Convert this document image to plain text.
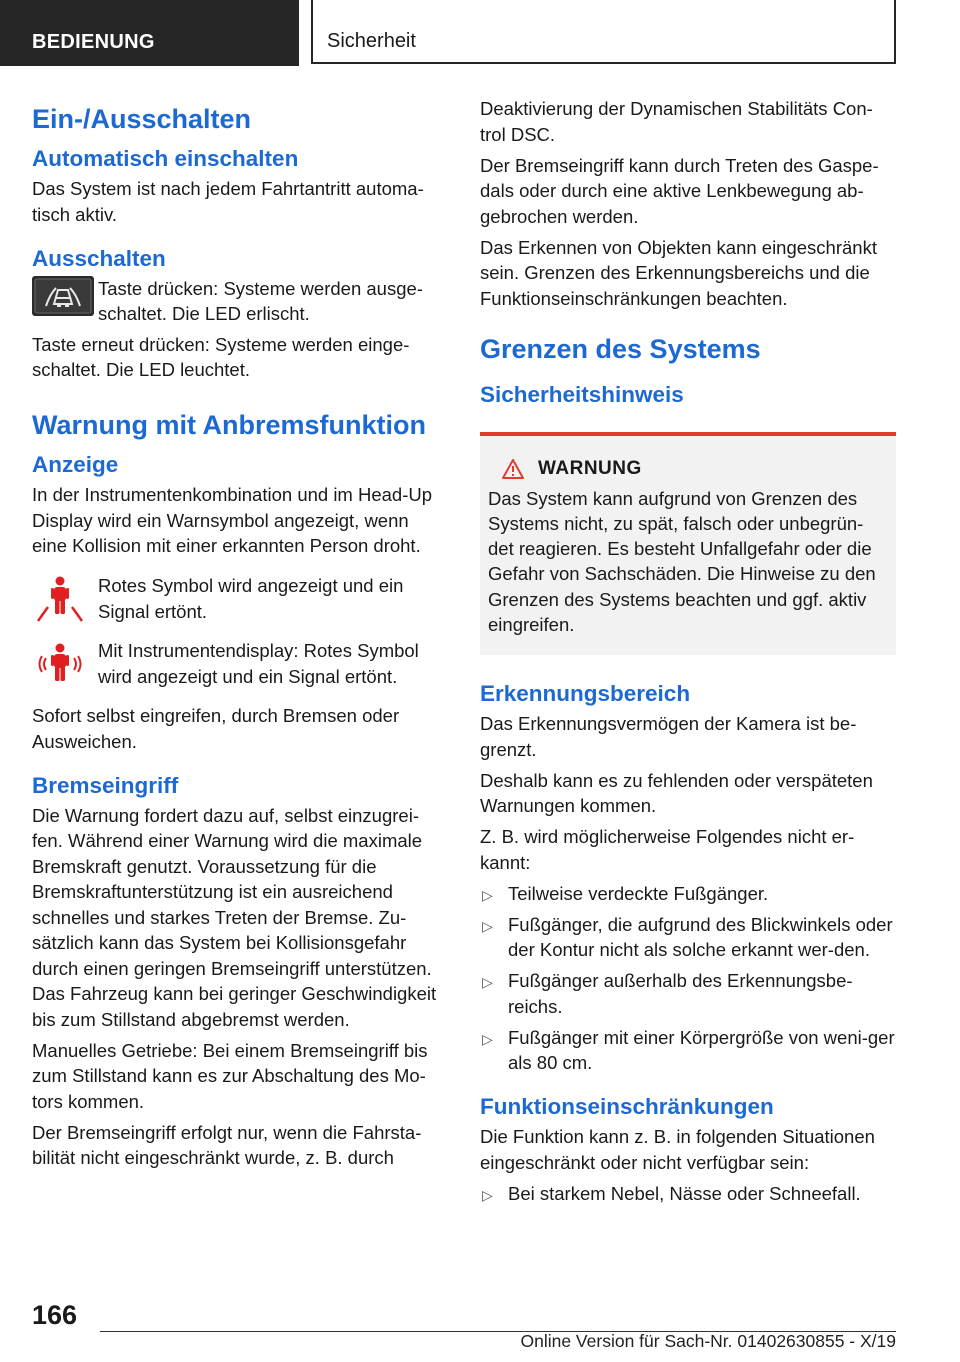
BEDIENUNG	Sicherheit
Ein-/Ausschalten
Automatisch einschalten

Das System ist nach jedem Fahrtantritt automa-tisch aktiv.

Ausschalten

Taste drücken: Systeme werden ausge-schaltet. Die LED erlischt.

Taste erneut drücken: Systeme werden einge-schaltet. Die LED leuchtet.

Warnung mit Anbremsfunktion
Anzeige

In der Instrumentenkombination und im Head-Up Display wird ein Warnsymbol angezeigt, wenn eine Kollision mit einer erkannten Person droht.

Rotes Symbol wird angezeigt und ein Signal ertönt.

Mit Instrumentendisplay: Rotes Symbol wird angezeigt und ein Signal ertönt.

Sofort selbst eingreifen, durch Bremsen oder Ausweichen.

Bremseingriff

Die Warnung fordert dazu auf, selbst einzugrei-fen. Während einer Warnung wird die maximale Bremskraft genutzt. Voraussetzung für die Bremskraftunterstützung ist ein ausreichend schnelles und starkes Treten der Bremse. Zu-sätzlich kann das System bei Kollisionsgefahr durch einen geringen Bremseingriff unterstützen. Das Fahrzeug kann bei geringer Geschwindigkeit bis zum Stillstand abgebremst werden.

Manuelles Getriebe: Bei einem Bremseingriff bis zum Stillstand kann es zur Abschaltung des Mo-tors kommen.

Der Bremseingriff erfolgt nur, wenn die Fahrsta-bilität nicht eingeschränkt wurde, z. B. durch

Deaktivierung der Dynamischen Stabilitäts Con-trol DSC.

Der Bremseingriff kann durch Treten des Gaspe-dals oder durch eine aktive Lenkbewegung ab-gebrochen werden.

Das Erkennen von Objekten kann eingeschränkt sein. Grenzen des Erkennungsbereichs und die Funktionseinschränkungen beachten.

Grenzen des Systems
Sicherheitshinweis
WARNUNG

Das System kann aufgrund von Grenzen des Systems nicht, zu spät, falsch oder unbegrün-det reagieren. Es besteht Unfallgefahr oder die Gefahr von Sachschäden. Die Hinweise zu den Grenzen des Systems beachten und ggf. aktiv eingreifen.

Erkennungsbereich

Das Erkennungsvermögen der Kamera ist be-grenzt.

Deshalb kann es zu fehlenden oder verspäteten Warnungen kommen.

Z. B. wird möglicherweise Folgendes nicht er-kannt:

▷ Teilweise verdeckte Fußgänger.
▷ Fußgänger, die aufgrund des Blickwinkels oder der Kontur nicht als solche erkannt wer-den.
▷ Fußgänger außerhalb des Erkennungsbe-reichs.
▷ Fußgänger mit einer Körpergröße von weni-ger als 80 cm.
Funktionseinschränkungen

Die Funktion kann z. B. in folgenden Situationen eingeschränkt oder nicht verfügbar sein:

▷ Bei starkem Nebel, Nässe oder Schneefall.
166
Online Version für Sach-Nr. 01402630855 - X/19
